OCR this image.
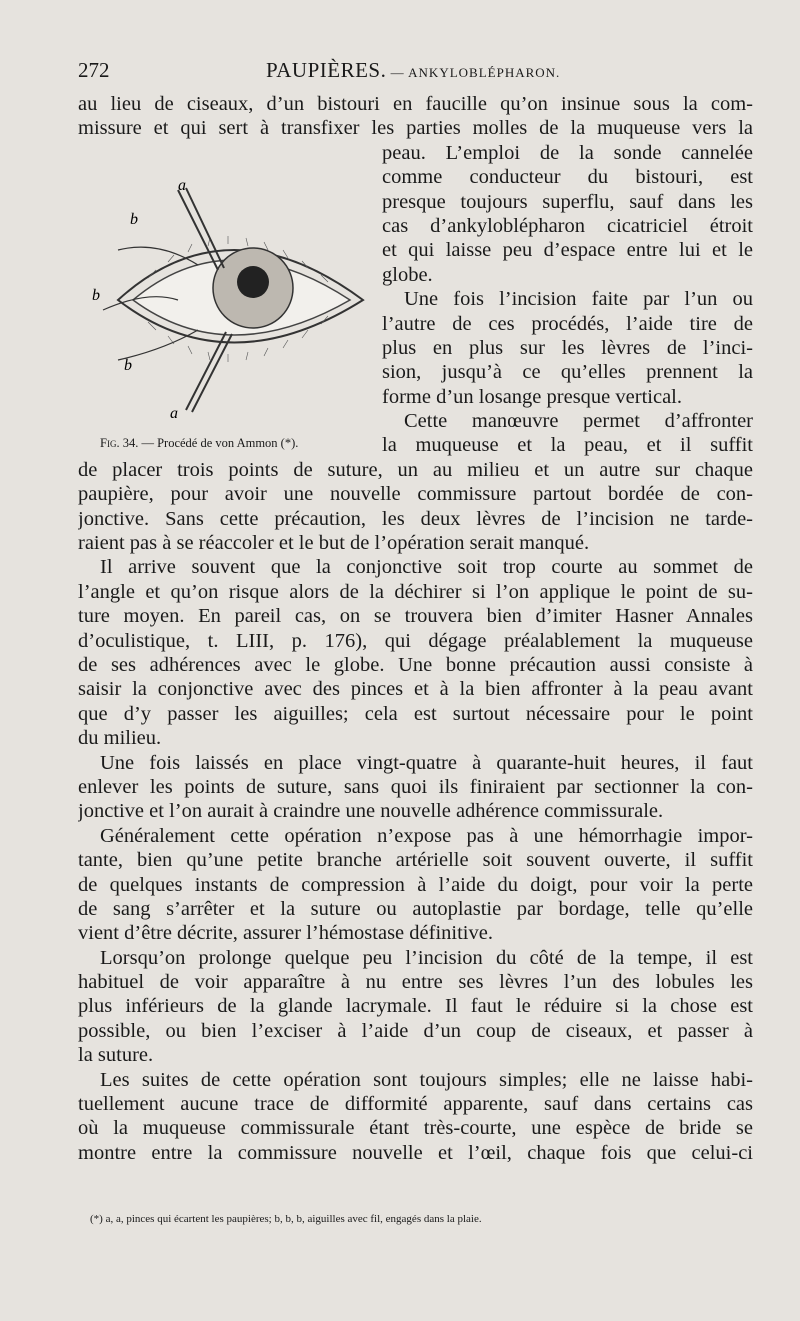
272	PAUPIÈRES. — ANKYLOBLÉPHARON.
au lieu de ciseaux, d’un bistouri en faucille qu’on insinue sous la com-
missure et qui sert à transfixer les parties molles de la muqueuse vers la
peau. L’emploi de la sonde cannelée
comme conducteur du bistouri, est
presque toujours superflu, sauf dans les
cas d’ankyloblépharon cicatriciel étroit
et qui laisse peu d’espace entre lui et le
globe.
Une fois l’incision faite par l’un ou
l’autre de ces procédés, l’aide tire de
plus en plus sur les lèvres de l’inci-
sion, jusqu’à ce qu’elles prennent la
forme d’un losange presque vertical.
Cette manœuvre permet d’affronter
la muqueuse et la peau, et il suffit
de placer trois points de suture, un au milieu et un autre sur chaque
paupière, pour avoir une nouvelle commissure partout bordée de con-
jonctive. Sans cette précaution, les deux lèvres de l’incision ne tarde-
raient pas à se réaccoler et le but de l’opération serait manqué.
Il arrive souvent que la conjonctive soit trop courte au sommet de
l’angle et qu’on risque alors de la déchirer si l’on applique le point de su-
ture moyen. En pareil cas, on se trouvera bien d’imiter Hasner Annales
d’oculistique, t. LIII, p. 176), qui dégage préalablement la muqueuse
de ses adhérences avec le globe. Une bonne précaution aussi consiste à
saisir la conjonctive avec des pinces et à la bien affronter à la peau avant
que d’y passer les aiguilles; cela est surtout nécessaire pour le point
du milieu.
Une fois laissés en place vingt-quatre à quarante-huit heures, il faut
enlever les points de suture, sans quoi ils finiraient par sectionner la con-
jonctive et l’on aurait à craindre une nouvelle adhérence commissurale.
Généralement cette opération n’expose pas à une hémorrhagie impor-
tante, bien qu’une petite branche artérielle soit souvent ouverte, il suffit
de quelques instants de compression à l’aide du doigt, pour voir la perte
de sang s’arrêter et la suture ou autoplastie par bordage, telle qu’elle
vient d’être décrite, assurer l’hémostase définitive.
Lorsqu’on prolonge quelque peu l’incision du côté de la tempe, il est
habituel de voir apparaître à nu entre ses lèvres l’un des lobules les
plus inférieurs de la glande lacrymale. Il faut le réduire si la chose est
possible, ou bien l’exciser à l’aide d’un coup de ciseaux, et passer à
la suture.
Les suites de cette opération sont toujours simples; elle ne laisse habi-
tuellement aucune trace de difformité apparente, sauf dans certains cas
où la muqueuse commissurale étant très-courte, une espèce de bride se
montre entre la commissure nouvelle et l’œil, chaque fois que celui-ci
a
b
b
b
a
Fig. 34. — Procédé de von Ammon (*).
(*) a, a, pinces qui écartent les paupières; b, b, b, aiguilles avec fil, engagés dans la plaie.
